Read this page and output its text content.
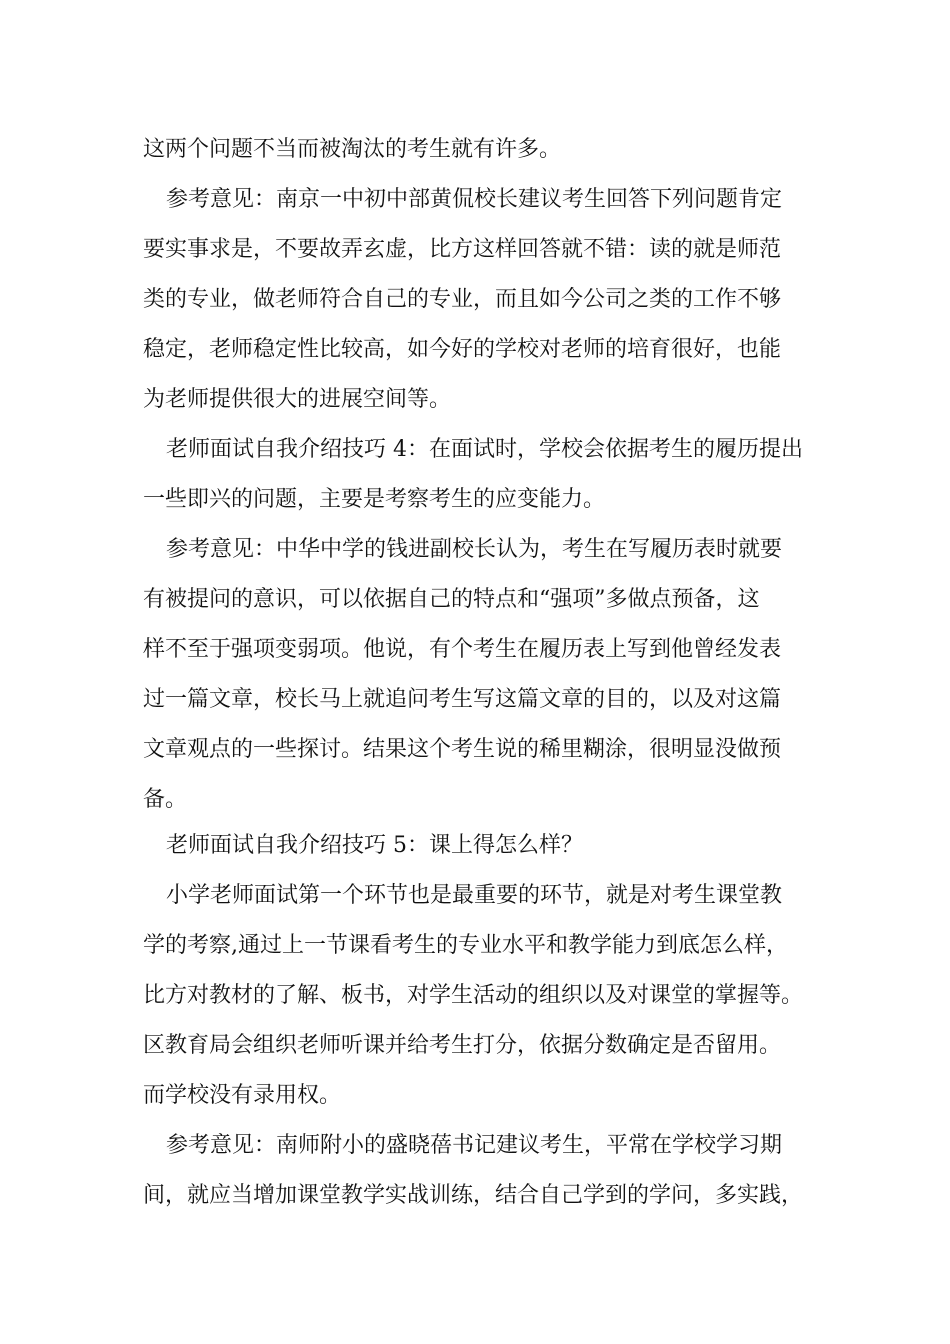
这两个问题不当而被淘汰的考生就有许多。
参考意见：南京一中初中部黄侃校长建议考生回答下列问题肯定
要实事求是，不要故弄玄虚，比方这样回答就不错：读的就是师范
类的专业，做老师符合自己的专业，而且如今公司之类的工作不够
稳定，老师稳定性比较高，如今好的学校对老师的培育很好，也能
为老师提供很大的进展空间等。
老师面试自我介绍技巧 4：在面试时，学校会依据考生的履历提出
一些即兴的问题，主要是考察考生的应变能力。
参考意见：中华中学的钱进副校长认为，考生在写履历表时就要
有被提问的意识，可以依据自己的特点和“强项”多做点预备，这
样不至于强项变弱项。他说，有个考生在履历表上写到他曾经发表
过一篇文章，校长马上就追问考生写这篇文章的目的，以及对这篇
文章观点的一些探讨。结果这个考生说的稀里糊涂，很明显没做预
备。
老师面试自我介绍技巧 5：课上得怎么样？
小学老师面试第一个环节也是最重要的环节，就是对考生课堂教
学的考察,通过上一节课看考生的专业水平和教学能力到底怎么样，
比方对教材的了解、板书，对学生活动的组织以及对课堂的掌握等。
区教育局会组织老师听课并给考生打分，依据分数确定是否留用。
而学校没有录用权。
参考意见：南师附小的盛晓蓓书记建议考生，平常在学校学习期
间，就应当增加课堂教学实战训练，结合自己学到的学问，多实践，
